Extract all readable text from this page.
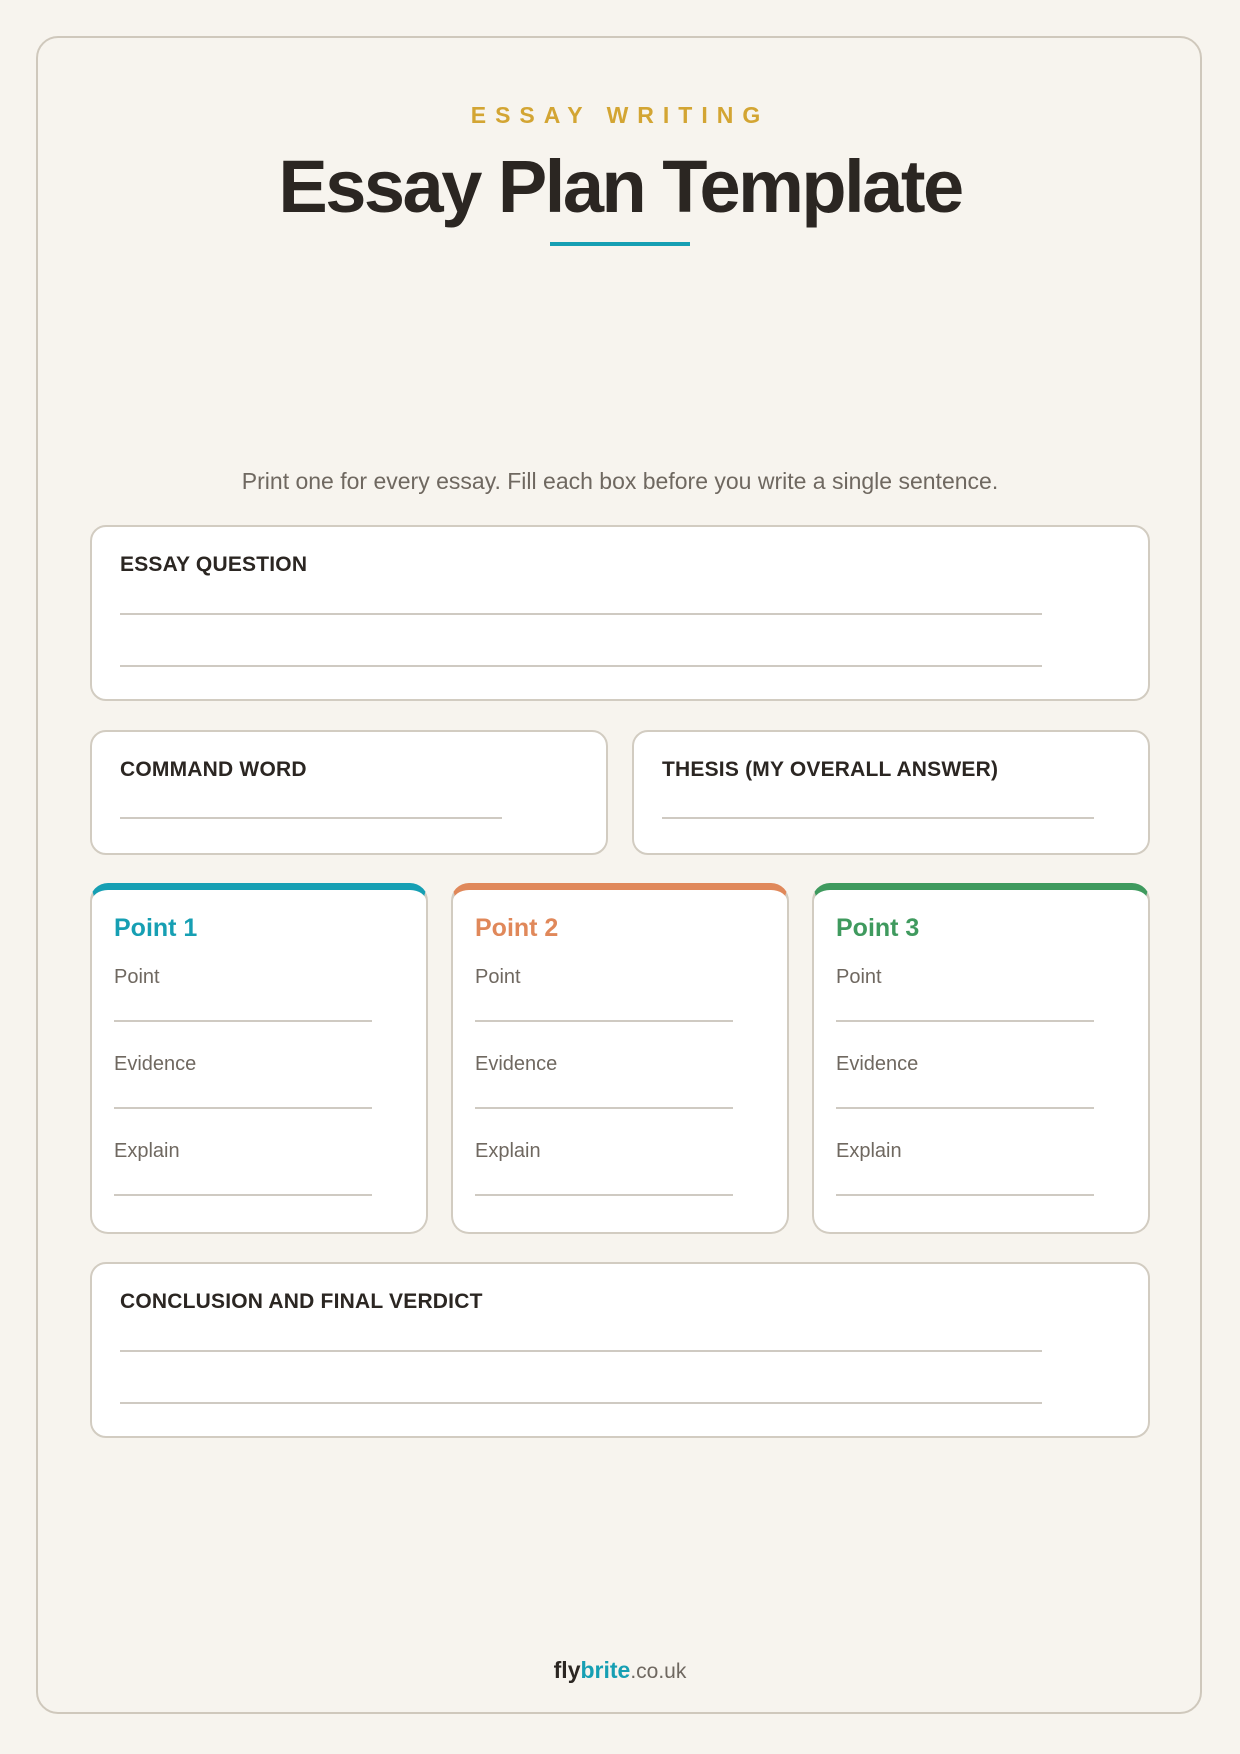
ESSAY WRITING
Essay Plan Template
Print one for every essay. Fill each box before you write a single sentence.
ESSAY QUESTION
COMMAND WORD	THESIS (MY OVERALL ANSWER)
Point 1
Point
Evidence
Explain
Point 2
Point
Evidence
Explain
Point 3
Point
Evidence
Explain
CONCLUSION AND FINAL VERDICT
flybrite.co.uk
